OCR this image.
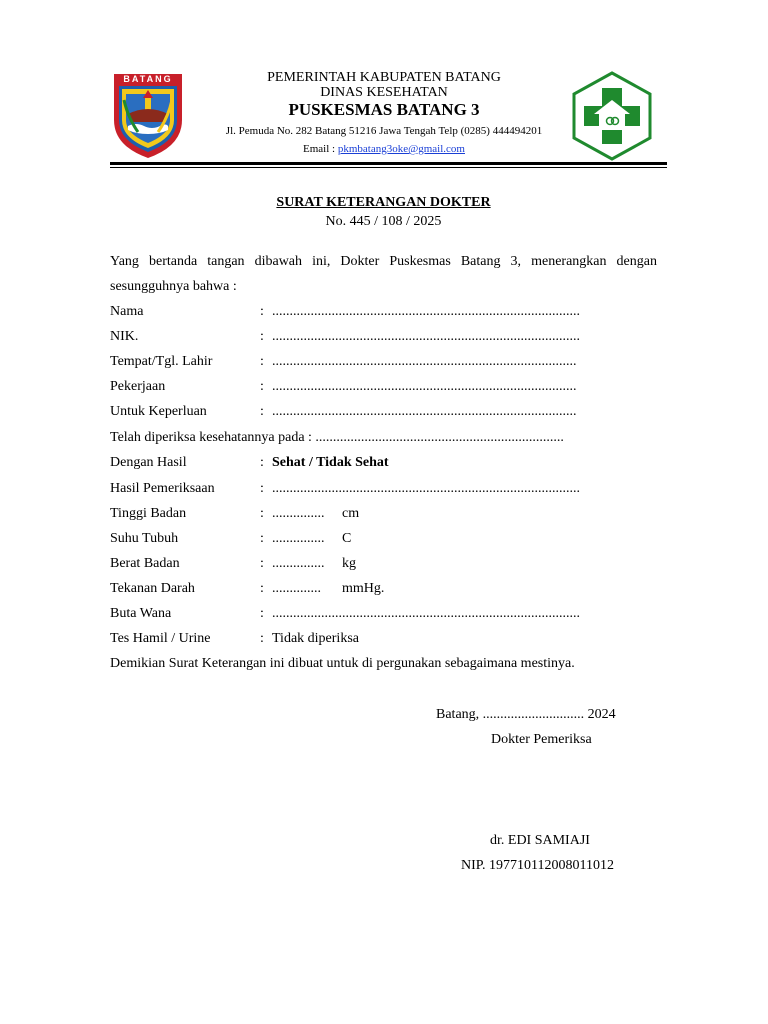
BATANG	PEMERINTAH KABUPATEN BATANG
DINAS KESEHATAN
PUSKESMAS BATANG 3
Jl. Pemuda No. 282 Batang 51216 Jawa Tengah Telp (0285) 444494201
Email : pkmbatang3oke@gmail.com
SURAT KETERANGAN DOKTER
No. 445 / 108 / 2025
Yang bertanda tangan dibawah ini, Dokter Puskesmas Batang 3, menerangkan dengan sesungguhnya bahwa :
Nama	: ........................................................................................
NIK.	: ........................................................................................
Tempat/Tgl. Lahir	: .......................................................................................
Pekerjaan	: .......................................................................................
Untuk Keperluan	: .......................................................................................
Telah diperiksa kesehatannya pada : .......................................................................
Dengan Hasil	: Sehat / Tidak Sehat
Hasil Pemeriksaan	: ........................................................................................
Tinggi Badan	: ............... cm
Suhu Tubuh	: ............... C
Berat Badan	: ............... kg
Tekanan Darah	: .............. mmHg.
Buta Wana	: ........................................................................................
Tes Hamil / Urine	: Tidak diperiksa
Demikian Surat Keterangan ini dibuat untuk di pergunakan sebagaimana mestinya.
Batang, ............................. 2024
Dokter Pemeriksa
dr. EDI SAMIAJI
NIP. 197710112008011012
